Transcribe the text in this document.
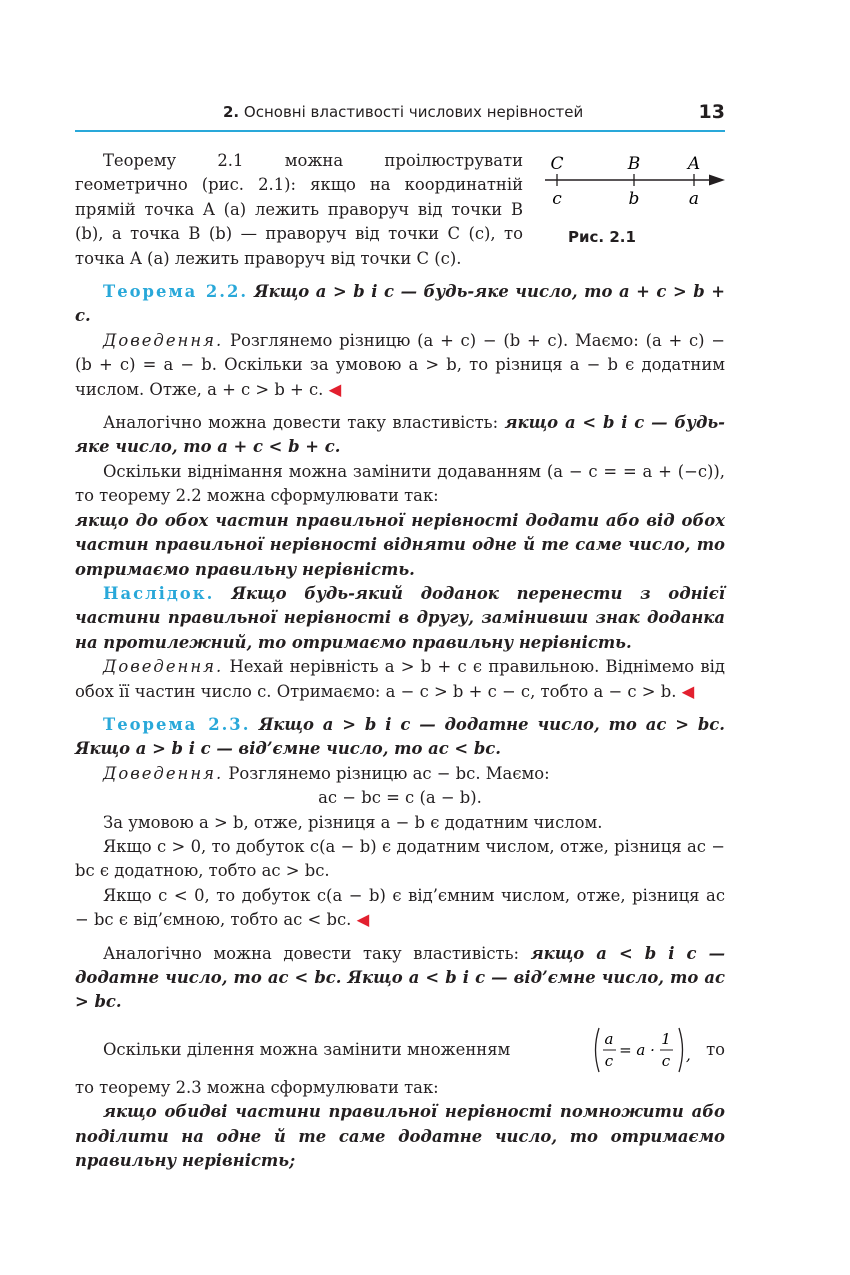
2. Основні властивості числових нерівностей	13
C	B	A
c	b	a
Рис. 2.1

Теорему 2.1 можна проілюструвати геометрично (рис. 2.1): якщо на координатній прямій точка A (a) лежить праворуч від точки B (b), а точка B (b) — праворуч від точки C (c), то точка A (a) лежить праворуч від точки C (c).

Теорема 2.2. Якщо a > b і c — будь-яке число, то a + c > b + c.

Доведення. Розглянемо різницю (a + c) − (b + c). Маємо: (a + c) − (b + c) = a − b. Оскільки за умовою a > b, то різниця a − b є додатним числом. Отже, a + c > b + c. ◀

Аналогічно можна довести таку властивість: якщо a < b і c — будь-яке число, то a + c < b + c.

Оскільки віднімання можна замінити додаванням (a − c = = a + (−c)), то теорему 2.2 можна сформулювати так:

якщо до обох частин правильної нерівності додати або від обох частин правильної нерівності відняти одне й те саме число, то отримаємо правильну нерівність.

Наслідок. Якщо будь-який доданок перенести з однієї частини правильної нерівності в другу, замінивши знак доданка на протилежний, то отримаємо правильну нерівність.

Доведення. Нехай нерівність a > b + c є правильною. Віднімемо від обох її частин число c. Отримаємо: a − c > b + c − c, тобто a − c > b. ◀

Теорема 2.3. Якщо a > b і c — додатне число, то ac > bc. Якщо a > b і c — від’ємне число, то ac < bc.

Доведення. Розглянемо різницю ac − bc. Маємо:

ac − bc = c (a − b).

За умовою a > b, отже, різниця a − b є додатним числом.

Якщо c > 0, то добуток c(a − b) є додатним числом, отже, різниця ac − bc є додатною, тобто ac > bc.

Якщо c < 0, то добуток c(a − b) є від’ємним числом, отже, різниця ac − bc є від’ємною, тобто ac < bc. ◀

Аналогічно можна довести таку властивість: якщо a < b і c — додатне число, то ac < bc. Якщо a < b і c — від’ємне число, то ac > bc.

Оскільки ділення можна замінити множенням

a
c
= a ·
1
c , то

то теорему 2.3 можна сформулювати так:

якщо обидві частини правильної нерівності помножити або поділити на одне й те саме додатне число, то отримаємо правильну нерівність;
